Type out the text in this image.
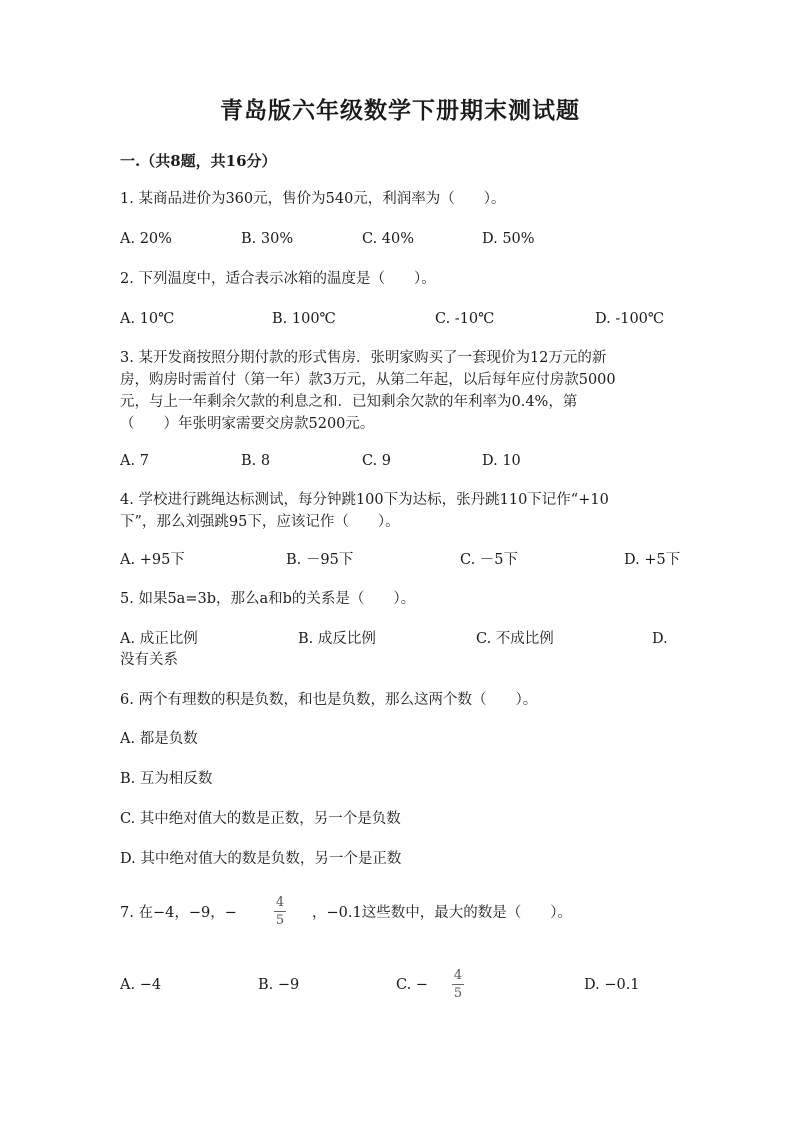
青岛版六年级数学下册期末测试题
一.（共8题，共16分）
1. 某商品进价为360元，售价为540元，利润率为（　　）。
A. 20%	B. 30%	C. 40%	D. 50%
2. 下列温度中，适合表示冰箱的温度是（　　）。
A. 10℃	B. 100℃	C. -10℃	D. -100℃
3. 某开发商按照分期付款的形式售房．张明家购买了一套现价为12万元的新
房，购房时需首付（第一年）款3万元，从第二年起，以后每年应付房款5000
元，与上一年剩余欠款的利息之和．已知剩余欠款的年利率为0.4%，第
（　　）年张明家需要交房款5200元。
A. 7	B. 8	C. 9	D. 10
4. 学校进行跳绳达标测试，每分钟跳100下为达标，张丹跳110下记作“+10
下”，那么刘强跳95下，应该记作（　　）。
A. +95下	B. －95下	C. －5下	D. +5下
5. 如果5a=3b，那么a和b的关系是（　　）。
A. 成正比例	B. 成反比例	C. 不成比例	D.
没有关系
6. 两个有理数的积是负数，和也是负数，那么这两个数（　　）。
A. 都是负数
B. 互为相反数
C. 其中绝对值大的数是正数，另一个是负数
D. 其中绝对值大的数是负数，另一个是正数
7. 在−4，−9，−
4
5 ，−0.1这些数中，最大的数是（　　）。
A. −4	B. −9	C. −
4
5
D. −0.1
